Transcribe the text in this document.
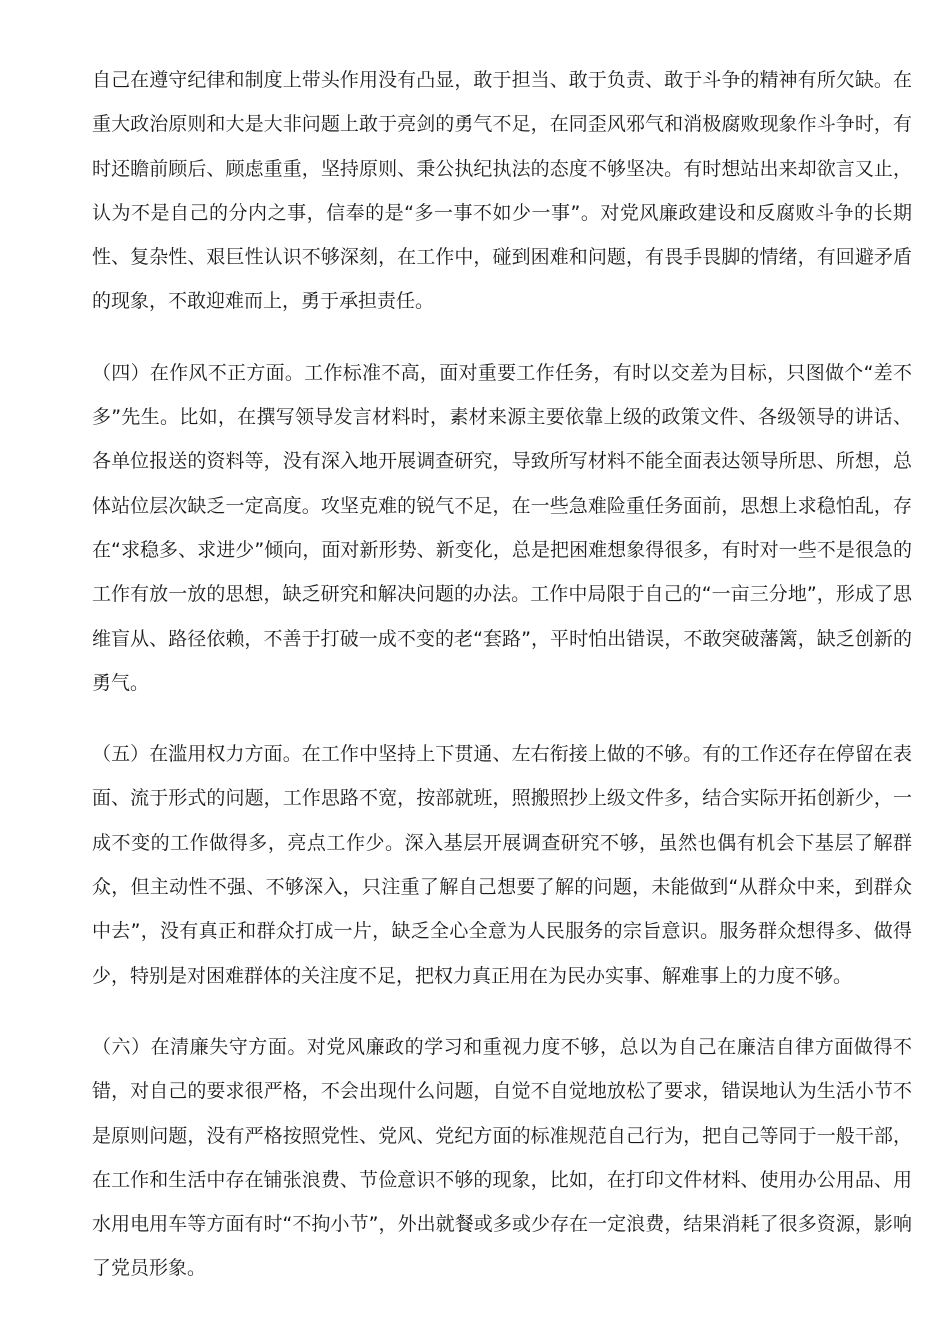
自己在遵守纪律和制度上带头作用没有凸显，敢于担当、敢于负责、敢于斗争的精神有所欠缺。在重大政治原则和大是大非问题上敢于亮剑的勇气不足，在同歪风邪气和消极腐败现象作斗争时，有时还瞻前顾后、顾虑重重，坚持原则、秉公执纪执法的态度不够坚决。有时想站出来却欲言又止，认为不是自己的分内之事，信奉的是“多一事不如少一事”。对党风廉政建设和反腐败斗争的长期性、复杂性、艰巨性认识不够深刻，在工作中，碰到困难和问题，有畏手畏脚的情绪，有回避矛盾的现象，不敢迎难而上，勇于承担责任。

（四）在作风不正方面。工作标准不高，面对重要工作任务，有时以交差为目标，只图做个“差不多”先生。比如，在撰写领导发言材料时，素材来源主要依靠上级的政策文件、各级领导的讲话、各单位报送的资料等，没有深入地开展调查研究，导致所写材料不能全面表达领导所思、所想，总体站位层次缺乏一定高度。攻坚克难的锐气不足，在一些急难险重任务面前，思想上求稳怕乱，存在“求稳多、求进少”倾向，面对新形势、新变化，总是把困难想象得很多，有时对一些不是很急的工作有放一放的思想，缺乏研究和解决问题的办法。工作中局限于自己的“一亩三分地”，形成了思维盲从、路径依赖，不善于打破一成不变的老“套路”，平时怕出错误，不敢突破藩篱，缺乏创新的勇气。

（五）在滥用权力方面。在工作中坚持上下贯通、左右衔接上做的不够。有的工作还存在停留在表面、流于形式的问题，工作思路不宽，按部就班，照搬照抄上级文件多，结合实际开拓创新少，一成不变的工作做得多，亮点工作少。深入基层开展调查研究不够，虽然也偶有机会下基层了解群众，但主动性不强、不够深入，只注重了解自己想要了解的问题，未能做到“从群众中来，到群众中去”，没有真正和群众打成一片，缺乏全心全意为人民服务的宗旨意识。服务群众想得多、做得少，特别是对困难群体的关注度不足，把权力真正用在为民办实事、解难事上的力度不够。

（六）在清廉失守方面。对党风廉政的学习和重视力度不够，总以为自己在廉洁自律方面做得不错，对自己的要求很严格，不会出现什么问题，自觉不自觉地放松了要求，错误地认为生活小节不是原则问题，没有严格按照党性、党风、党纪方面的标准规范自己行为，把自己等同于一般干部，在工作和生活中存在铺张浪费、节俭意识不够的现象，比如，在打印文件材料、使用办公用品、用水用电用车等方面有时“不拘小节”，外出就餐或多或少存在一定浪费，结果消耗了很多资源，影响了党员形象。
